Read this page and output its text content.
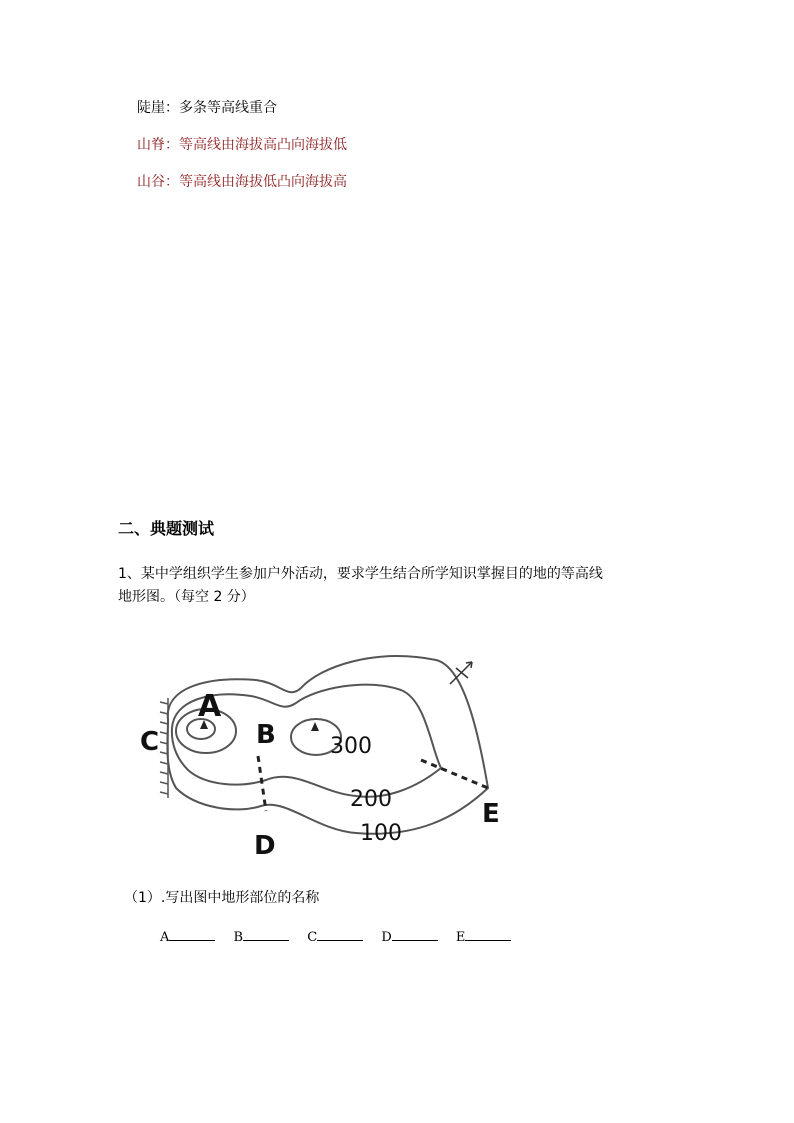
陡崖：多条等高线重合
山脊：等高线由海拔高凸向海拔低
山谷：等高线由海拔低凸向海拔高
二、典题测试
1、某中学组织学生参加户外活动，要求学生结合所学知识掌握目的地的等高线
地形图。（每空 2 分）
A
B
C
D
E
300
200
100
（1）.写出图中地形部位的名称
A	B	C	D	E
